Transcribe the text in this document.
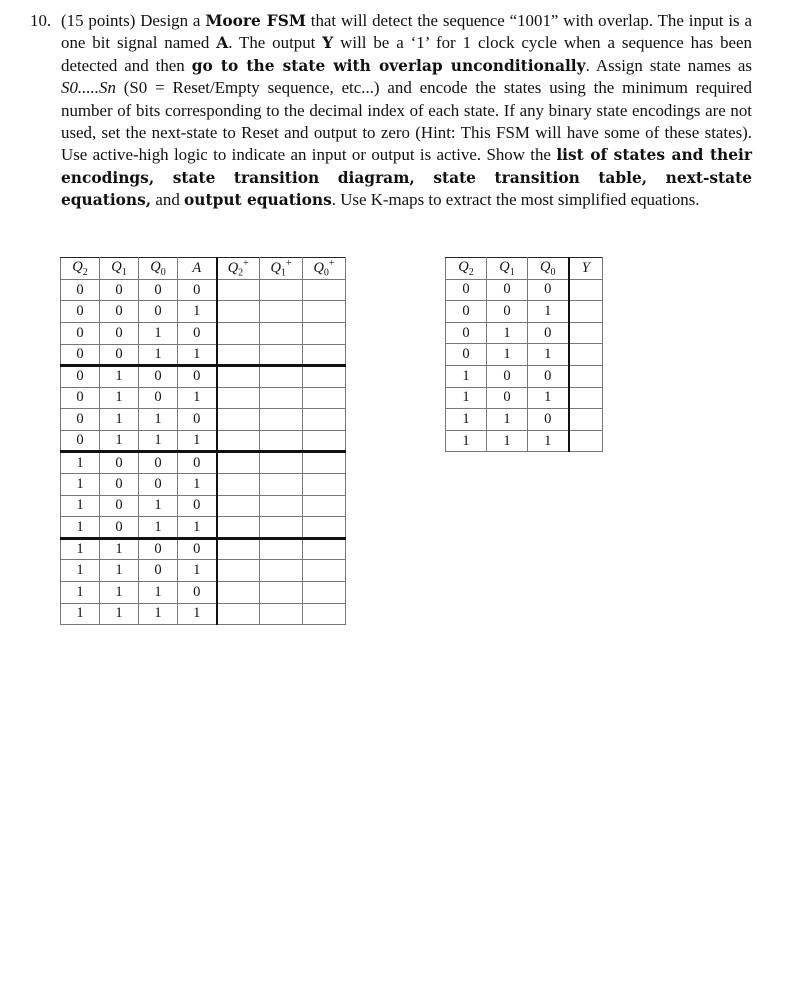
10. (15 points) Design a Moore FSM that will detect the sequence “1001” with overlap. The input is a one bit signal named A. The output Y will be a ‘1’ for 1 clock cycle when a sequence has been detected and then go to the state with overlap unconditionally. Assign state names as S0.....Sn (S0 = Reset/Empty sequence, etc...) and encode the states using the minimum required number of bits corresponding to the decimal index of each state. If any binary state encodings are not used, set the next-state to Reset and output to zero (Hint: This FSM will have some of these states). Use active-high logic to indicate an input or output is active. Show the list of states and their encodings, state transition diagram, state transition table, next-state equations, and output equations. Use K-maps to extract the most simplified equations.
$Q_2$	$Q_1$	$Q_0$	A	$Q_2^+$	$Q_1^+$	$Q_0^+$
0	0	0	0			
0	0	0	1			
0	0	1	0			
0	0	1	1			
0	1	0	0			
0	1	0	1			
0	1	1	0			
0	1	1	1			
1	0	0	0			
1	0	0	1			
1	0	1	0			
1	0	1	1			
1	1	0	0			
1	1	0	1			
1	1	1	0			
1	1	1	1			
$Q_2$	$Q_1$	$Q_0$	Y
0	0	0	
0	0	1	
0	1	0	
0	1	1	
1	0	0	
1	0	1	
1	1	0	
1	1	1	
